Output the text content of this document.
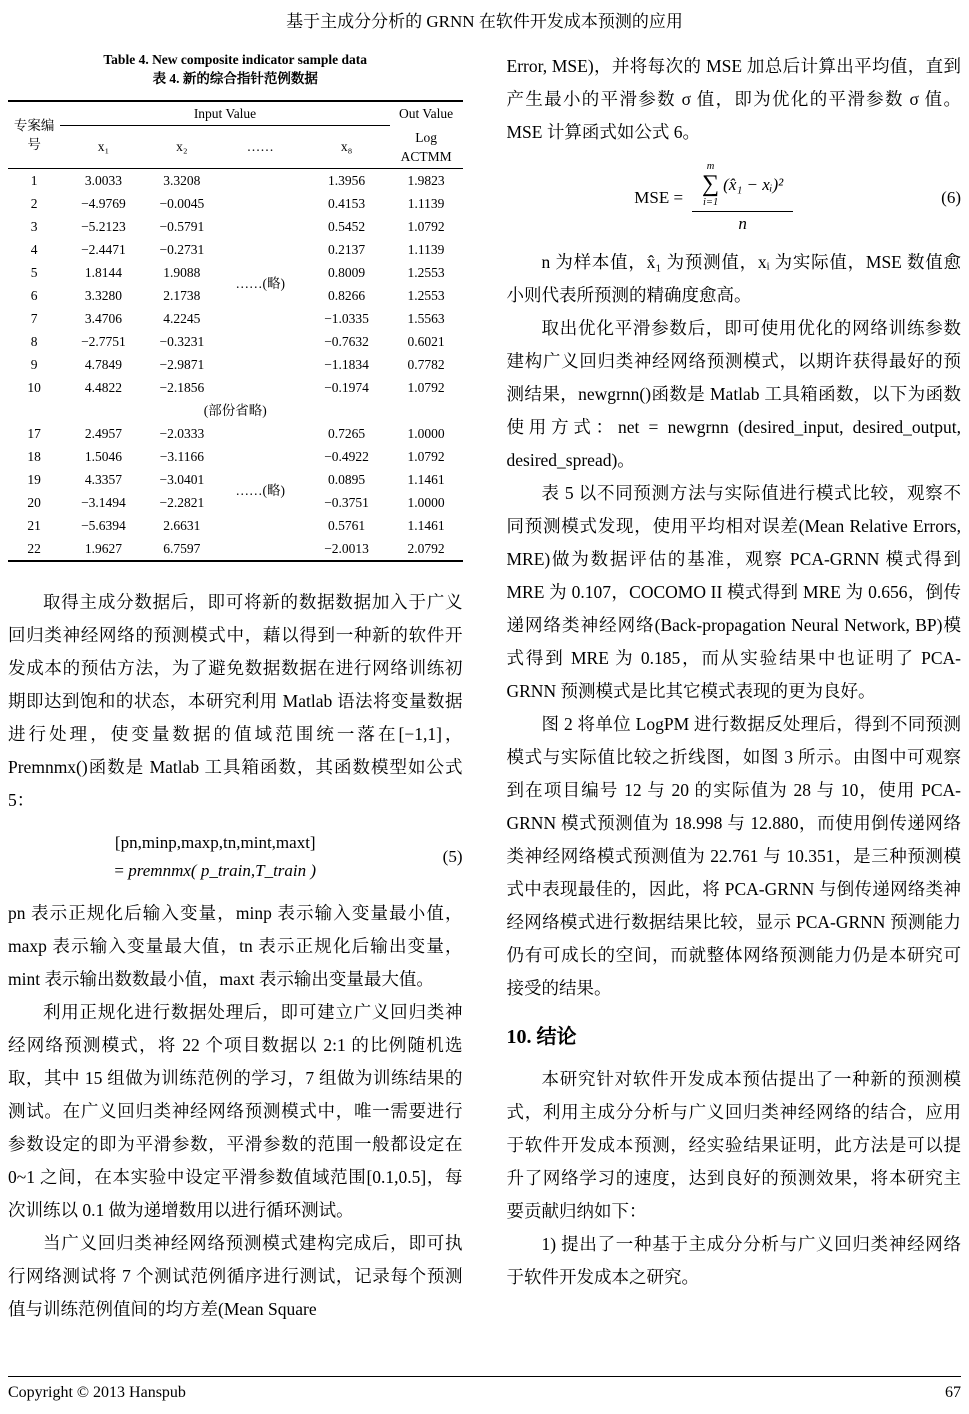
基于主成分分析的 GRNN 在软件开发成本预测的应用
Table 4. New composite indicator sample data
表 4. 新的综合指针范例数据
专案编号	Input Value				Out Value
	x₁	x₂	……	x₈	Log ACTMM
1	3.0033	3.3208	……(略)	1.3956	1.9823
2	−4.9769	−0.0045		0.4153	1.1139
3	−5.2123	−0.5791		0.5452	1.0792
4	−2.4471	−0.2731		0.2137	1.1139
5	1.8144	1.9088		0.8009	1.2553
6	3.3280	2.1738		0.8266	1.2553
7	3.4706	4.2245		−1.0335	1.5563
8	−2.7751	−0.3231		−0.7632	0.6021
9	4.7849	−2.9871		−1.1834	0.7782
10	4.4822	−2.1856		−0.1974	1.0792
(部份省略)					
17	2.4957	−2.0333	……(略)	0.7265	1.0000
18	1.5046	−3.1166		−0.4922	1.0792
19	4.3357	−3.0401		0.0895	1.1461
20	−3.1494	−2.2821		−0.3751	1.0000
21	−5.6394	2.6631		0.5761	1.1461
22	1.9627	6.7597		−2.0013	2.0792

取得主成分数据后，即可将新的数据数据加入于广义回归类神经网络的预测模式中，藉以得到一种新的软件开发成本的预估方法，为了避免数据数据在进行网络训练初期即达到饱和的状态，本研究利用 Matlab 语法将变量数据进行处理，使变量数据的值域范围统一落在[−1,1]，Premnmx()函数是 Matlab 工具箱函数，其函数模型如公式 5：

[pn,minp,maxp,tn,mint,maxt]
= premnmx( p_train,T_train )
(5)

pn 表示正规化后输入变量，minp 表示输入变量最小值，maxp 表示输入变量最大值，tn 表示正规化后输出变量，mint 表示输出数数最小值，maxt 表示输出变量最大值。

利用正规化进行数据处理后，即可建立广义回归类神经网络预测模式，将 22 个项目数据以 2:1 的比例随机选取，其中 15 组做为训练范例的学习，7 组做为训练结果的测试。在广义回归类神经网络预测模式中，唯一需要进行参数设定的即为平滑参数，平滑参数的范围一般都设定在 0~1 之间，在本实验中设定平滑参数值域范围[0.1,0.5]，每次训练以 0.1 做为递增数用以进行循环测试。

当广义回归类神经网络预测模式建构完成后，即可执行网络测试将 7 个测试范例循序进行测试，记录每个预测值与训练范例值间的均方差(Mean Square

Error, MSE)，并将每次的 MSE 加总后计算出平均值，直到产生最小的平滑参数 σ 值，即为优化的平滑参数 σ 值。MSE 计算函式如公式 6。

MSE =
m
∑
i=1
(x̂₁ − xᵢ)²
n
(6)

n 为样本值，x̂₁ 为预测值，xᵢ 为实际值，MSE 数值愈小则代表所预测的精确度愈高。

取出优化平滑参数后，即可使用优化的网络训练参数建构广义回归类神经网络预测模式，以期许获得最好的预测结果，newgrnn()函数是 Matlab 工具箱函数，以下为函数使用方式：net = newgrnn (desired_input, desired_output, desired_spread)。

表 5 以不同预测方法与实际值进行模式比较，观察不同预测模式发现，使用平均相对误差(Mean Relative Errors, MRE)做为数据评估的基准，观察 PCA-GRNN 模式得到 MRE 为 0.107，COCOMO II 模式得到 MRE 为 0.656，倒传递网络类神经网络(Back-propagation Neural Network, BP)模式得到 MRE 为 0.185，而从实验结果中也证明了 PCA-GRNN 预测模式是比其它模式表现的更为良好。

图 2 将单位 LogPM 进行数据反处理后，得到不同预测模式与实际值比较之折线图，如图 3 所示。由图中可观察到在项目编号 12 与 20 的实际值为 28 与 10，使用 PCA-GRNN 模式预测值为 18.998 与 12.880，而使用倒传递网络类神经网络模式预测值为 22.761 与 10.351，是三种预测模式中表现最佳的，因此，将 PCA-GRNN 与倒传递网络类神经网络模式进行数据结果比较，显示 PCA-GRNN 预测能力仍有可成长的空间，而就整体网络预测能力仍是本研究可接受的结果。

10. 结论

本研究针对软件开发成本预估提出了一种新的预测模式，利用主成分分析与广义回归类神经网络的结合，应用于软件开发成本预测，经实验结果证明，此方法是可以提升了网络学习的速度，达到良好的预测效果，将本研究主要贡献归纳如下：

1) 提出了一种基于主成分分析与广义回归类神经网络于软件开发成本之研究。

Copyright © 2013 Hanspub	67
